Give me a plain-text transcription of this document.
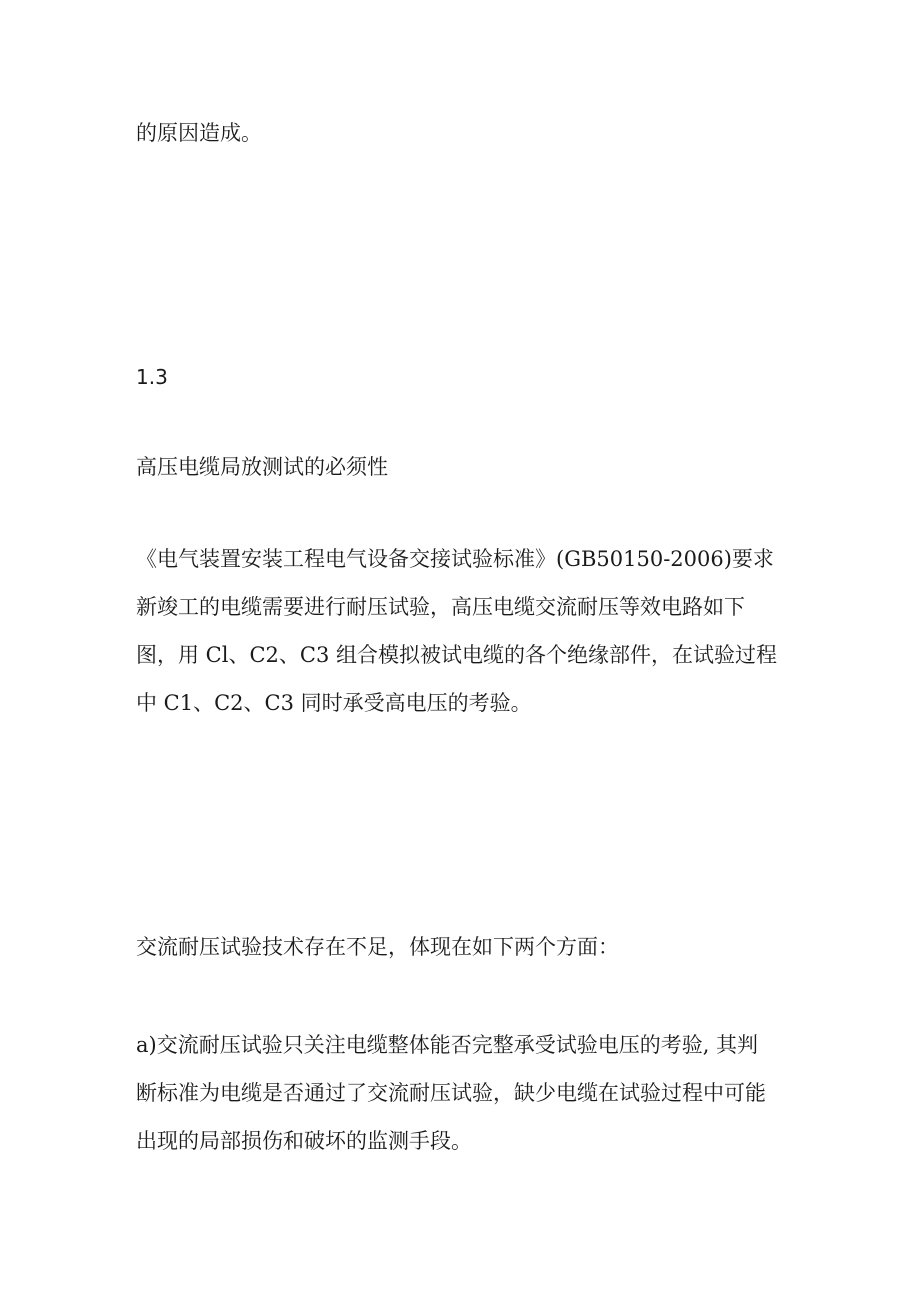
的原因造成。
1.3
高压电缆局放测试的必须性
《电气装置安装工程电气设备交接试验标准》(GB50150-2006)要求
新竣工的电缆需要进行耐压试验，高压电缆交流耐压等效电路如下
图，用 Cl、C2、C3 组合模拟被试电缆的各个绝缘部件，在试验过程
中 C1、C2、C3 同时承受高电压的考验。
交流耐压试验技术存在不足，体现在如下两个方面：
a)交流耐压试验只关注电缆整体能否完整承受试验电压的考验, 其判
断标准为电缆是否通过了交流耐压试验，缺少电缆在试验过程中可能
出现的局部损伤和破坏的监测手段。
